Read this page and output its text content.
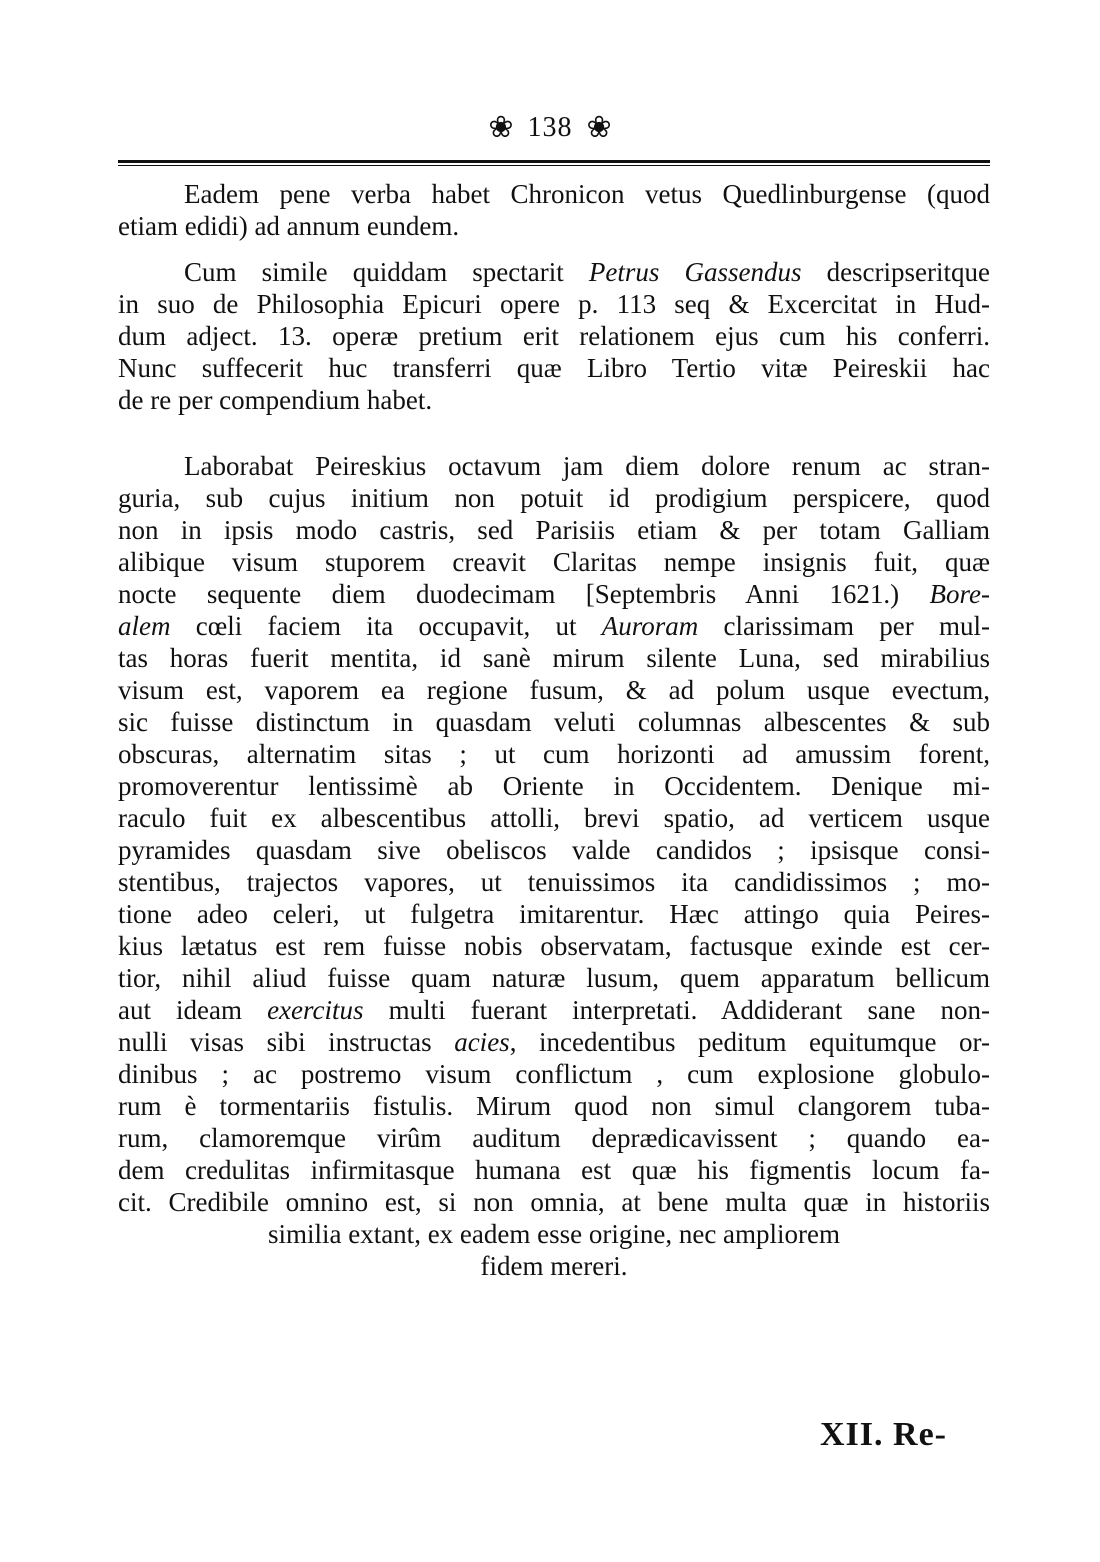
❀ 138 ❀

Eadem pene verba habet Chronicon vetus Quedlinburgense (quod
etiam edidi) ad annum eundem.

Cum simile quiddam spectarit Petrus Gassendus descripseritque
in suo de Philosophia Epicuri opere p. 113 seq & Excercitat in Hud-
dum adject. 13. operæ pretium erit relationem ejus cum his conferri.
Nunc suffecerit huc transferri quæ Libro Tertio vitæ Peireskii hac
de re per compendium habet.

Laborabat Peireskius octavum jam diem dolore renum ac stran-
guria, sub cujus initium non potuit id prodigium perspicere, quod
non in ipsis modo castris, sed Parisiis etiam & per totam Galliam
alibique visum stuporem creavit Claritas nempe insignis fuit, quæ
nocte sequente diem duodecimam [Septembris Anni 1621.) Bore-
alem cœli faciem ita occupavit, ut Auroram clarissimam per mul-
tas horas fuerit mentita, id sanè mirum silente Luna, sed mirabilius
visum est, vaporem ea regione fusum, & ad polum usque evectum,
sic fuisse distinctum in quasdam veluti columnas albescentes & sub
obscuras, alternatim sitas ; ut cum horizonti ad amussim forent,
promoverentur lentissimè ab Oriente in Occidentem. Denique mi-
raculo fuit ex albescentibus attolli, brevi spatio, ad verticem usque
pyramides quasdam sive obeliscos valde candidos ; ipsisque consi-
stentibus, trajectos vapores, ut tenuissimos ita candidissimos ; mo-
tione adeo celeri, ut fulgetra imitarentur. Hæc attingo quia Peires-
kius lætatus est rem fuisse nobis observatam, factusque exinde est cer-
tior, nihil aliud fuisse quam naturæ lusum, quem apparatum bellicum
aut ideam exercitus multi fuerant interpretati. Addiderant sane non-
nulli visas sibi instructas acies, incedentibus peditum equitumque or-
dinibus ; ac postremo visum conflictum , cum explosione globulo-
rum è tormentariis fistulis. Mirum quod non simul clangorem tuba-
rum, clamoremque virûm auditum deprædicavissent ; quando ea-
dem credulitas infirmitasque humana est quæ his figmentis locum fa-
cit. Credibile omnino est, si non omnia, at bene multa quæ in historiis
similia extant, ex eadem esse origine, nec ampliorem
fidem mereri.

XII. Re-
